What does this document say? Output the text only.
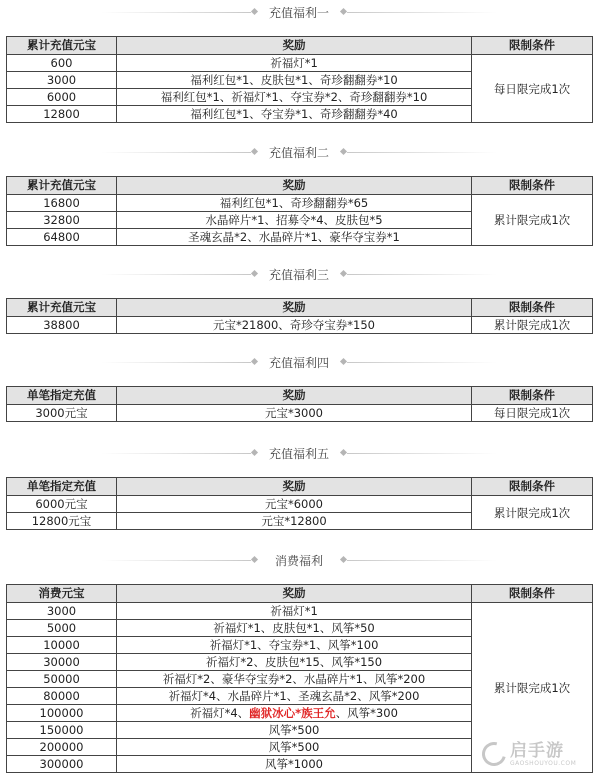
充值福利一
累计充值元宝	奖励	限制条件
600	祈福灯*1	每日限完成1次
3000	福利红包*1、皮肤包*1、奇珍翻翻券*10	
6000	福利红包*1、祈福灯*1、夺宝券*2、奇珍翻翻券*10	
12800	福利红包*1、夺宝券*1、奇珍翻翻券*40	
充值福利二
累计充值元宝	奖励	限制条件
16800	福利红包*1、奇珍翻翻券*65	累计限完成1次
32800	水晶碎片*1、招募令*4、皮肤包*5	
64800	圣魂玄晶*2、水晶碎片*1、豪华夺宝券*1	
充值福利三
累计充值元宝	奖励	限制条件
38800	元宝*21800、奇珍夺宝券*150	累计限完成1次
充值福利四
单笔指定充值	奖励	限制条件
3000元宝	元宝*3000	每日限完成1次
充值福利五
单笔指定充值	奖励	限制条件
6000元宝	元宝*6000	累计限完成1次
12800元宝	元宝*12800	
消费福利
消费元宝	奖励	限制条件
3000	祈福灯*1	累计限完成1次
5000	祈福灯*1、皮肤包*1、风筝*50	
10000	祈福灯*1、夺宝券*1、风筝*100	
30000	祈福灯*2、皮肤包*15、风筝*150	
50000	祈福灯*2、豪华夺宝券*2、水晶碎片*1、风筝*200	
80000	祈福灯*4、水晶碎片*1、圣魂玄晶*2、风筝*200	
100000	祈福灯*4、幽狱冰心*族王允、风筝*300	
150000	风筝*500	
200000	风筝*500	
300000	风筝*1000	
启手游
GAOSHOUYOU.COM
